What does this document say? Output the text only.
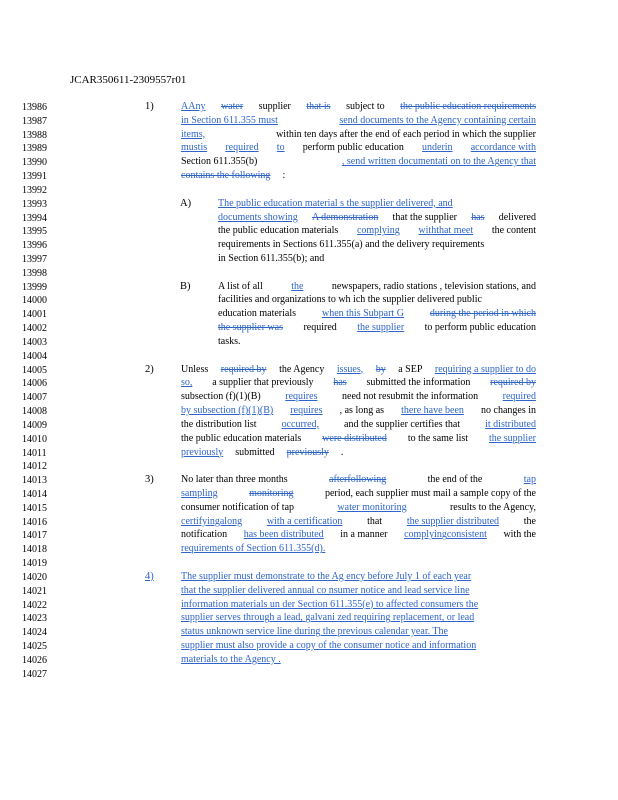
JCAR350611-2309557r01
13986
13987
13988
13989
13990
13991
13992
13993
13994
13995
13996
13997
13998
13999
14000
14001
14002
14003
14004
14005
14006
14007
14008
14009
14010
14011
14012
14013
14014
14015
14016
14017
14018
14019
14020
14021
14022
14023
14024
14025
14026
14027
1)	AAny water supplier that is subject to the public education requirements
in Section 611.355 must	send documents to the Agency containing certain
items,	within ten days after the end of each period in which the supplier
mustis required to perform public education underin accordance with
Section 611.355(b)	, send written documentati on to the Agency that
contains the following :
A)	The public education material s the supplier delivered, and
documents showing A demonstration that the supplier has delivered
the public education materials complying withthat meet the content
requirements in Sections 611.355(a) and the delivery requirements
in Section 611.355(b); and
B)	A list of all	the	newspapers, radio stations , television stations, and
facilities and organizations to wh ich the supplier delivered public
education materials	when this Subpart G	during the period in which
the supplier was required the supplier to perform public education
tasks.
2)	Unless required by the Agency issues, by a SEP requiring a supplier to do
so, a supplier that previously has submitted the information required by
subsection (f)(1)(B) requires need not resubmit the information required
by subsection (f)(1)(B) requires , as long as there have been no changes in
the distribution list	occurred,	and the supplier certifies that	it distributed
the public education materials were distributed to the same list the supplier
previously submitted previously .
3)	No later than three months	afterfollowing	the end of the	tap
sampling	monitoring	period, each supplier must mail a sample copy of the
consumer notification of tap	water monitoring	results to the Agency,
certifyingalong with a certification that the supplier distributed the
notification has been distributed in a manner complyingconsistent with the
requirements of Section 611.355(d).
4)	The supplier must demonstrate to the Ag ency before July 1 of each year
that the supplier delivered annual co nsumer notice and lead service line
information materials un der Section 611.355(e) to affected consumers the
supplier serves through a lead, galvani zed requiring replacement, or lead
status unknown service line during the previous calendar year. The
supplier must also provide a copy of the consumer notice and information
materials to the Agency .
